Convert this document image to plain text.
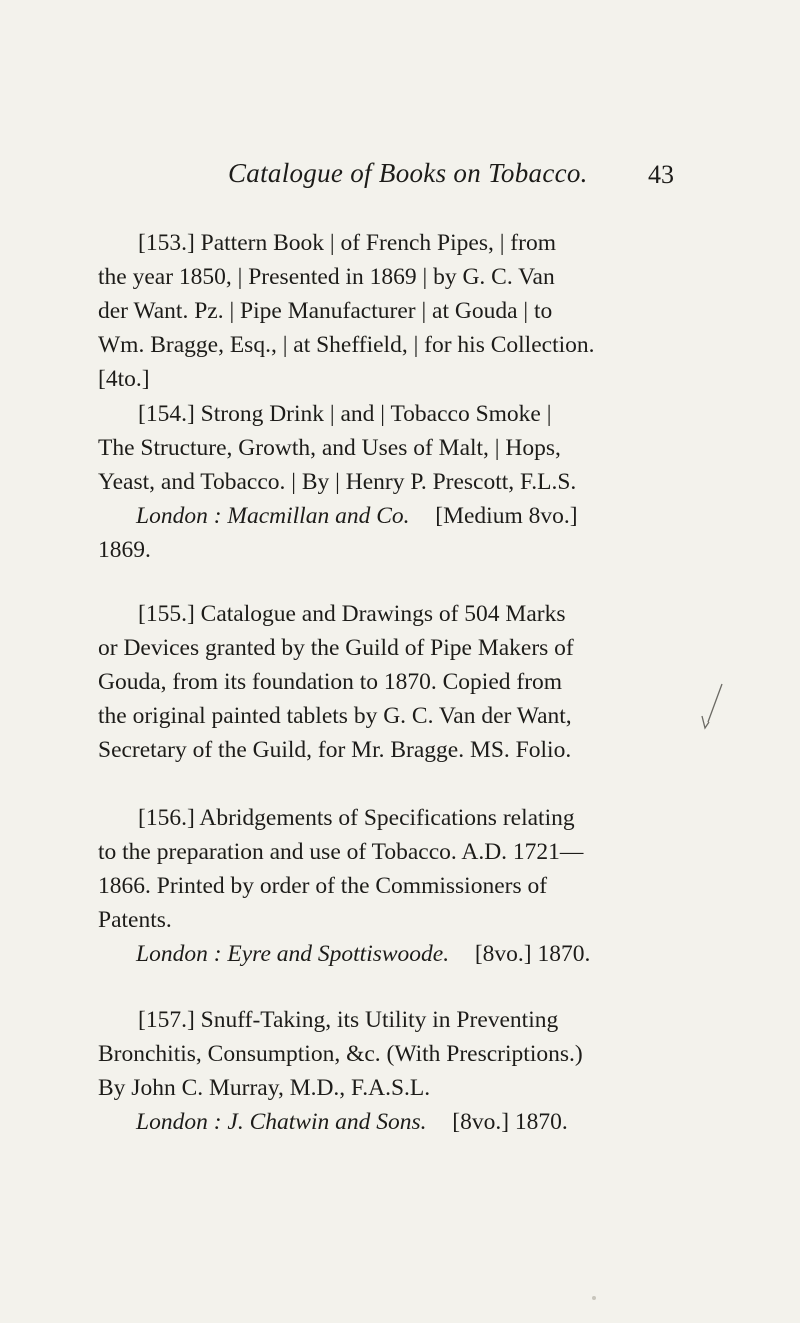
Catalogue of Books on Tobacco. 43
[153.] Pattern Book | of French Pipes, | from
the year 1850, | Presented in 1869 | by G. C. Van
der Want. Pz. | Pipe Manufacturer | at Gouda | to
Wm. Bragge, Esq., | at Sheffield, | for his Collection.
[4to.]
[154.] Strong Drink | and | Tobacco Smoke |
The Structure, Growth, and Uses of Malt, | Hops,
Yeast, and Tobacco. | By | Henry P. Prescott, F.L.S.
London : Macmillan and Co. [Medium 8vo.]
1869.
[155.] Catalogue and Drawings of 504 Marks
or Devices granted by the Guild of Pipe Makers of
Gouda, from its foundation to 1870. Copied from
the original painted tablets by G. C. Van der Want,
Secretary of the Guild, for Mr. Bragge. MS. Folio.
[156.] Abridgements of Specifications relating
to the preparation and use of Tobacco. A.D. 1721—
1866. Printed by order of the Commissioners of
Patents.
London : Eyre and Spottiswoode. [8vo.] 1870.
[157.] Snuff-Taking, its Utility in Preventing
Bronchitis, Consumption, &c. (With Prescriptions.)
By John C. Murray, M.D., F.A.S.L.
London : J. Chatwin and Sons. [8vo.] 1870.
